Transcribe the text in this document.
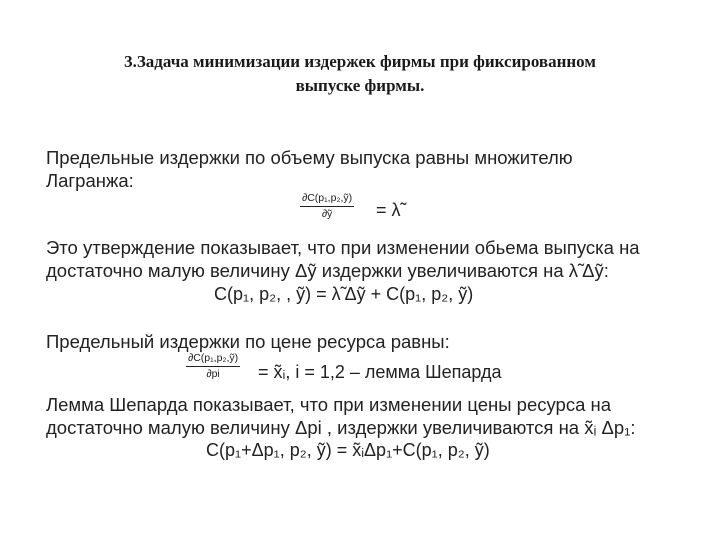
3.Задача минимизации издержек фирмы при фиксированном
выпуске фирмы.
Предельные издержки по объему выпуска равны множителю
Лагранжа:
∂C(p₁,p₂,ỹ)
∂ỹ	= λ̃
Это утверждение показывает, что при изменении обьема выпуска на
достаточно малую величину Δỹ издержки увеличиваются на λ̃ Δỹ:
C(p₁, p₂, , ỹ) = λ̃ Δỹ + C(p₁, p₂, ỹ)
Предельный издержки по цене ресурса равны:
∂C(p₁,p₂,ỹ)
∂pi	= x̃ᵢ, i = 1,2 – лемма Шепарда
Лемма Шепарда показывает, что при изменении цены ресурса на
достаточно малую величину Δpi , издержки увеличиваются на x̃ᵢ Δp₁:
C(p₁+Δp₁, p₂, ỹ) = x̃ᵢΔp₁+C(p₁, p₂, ỹ)
